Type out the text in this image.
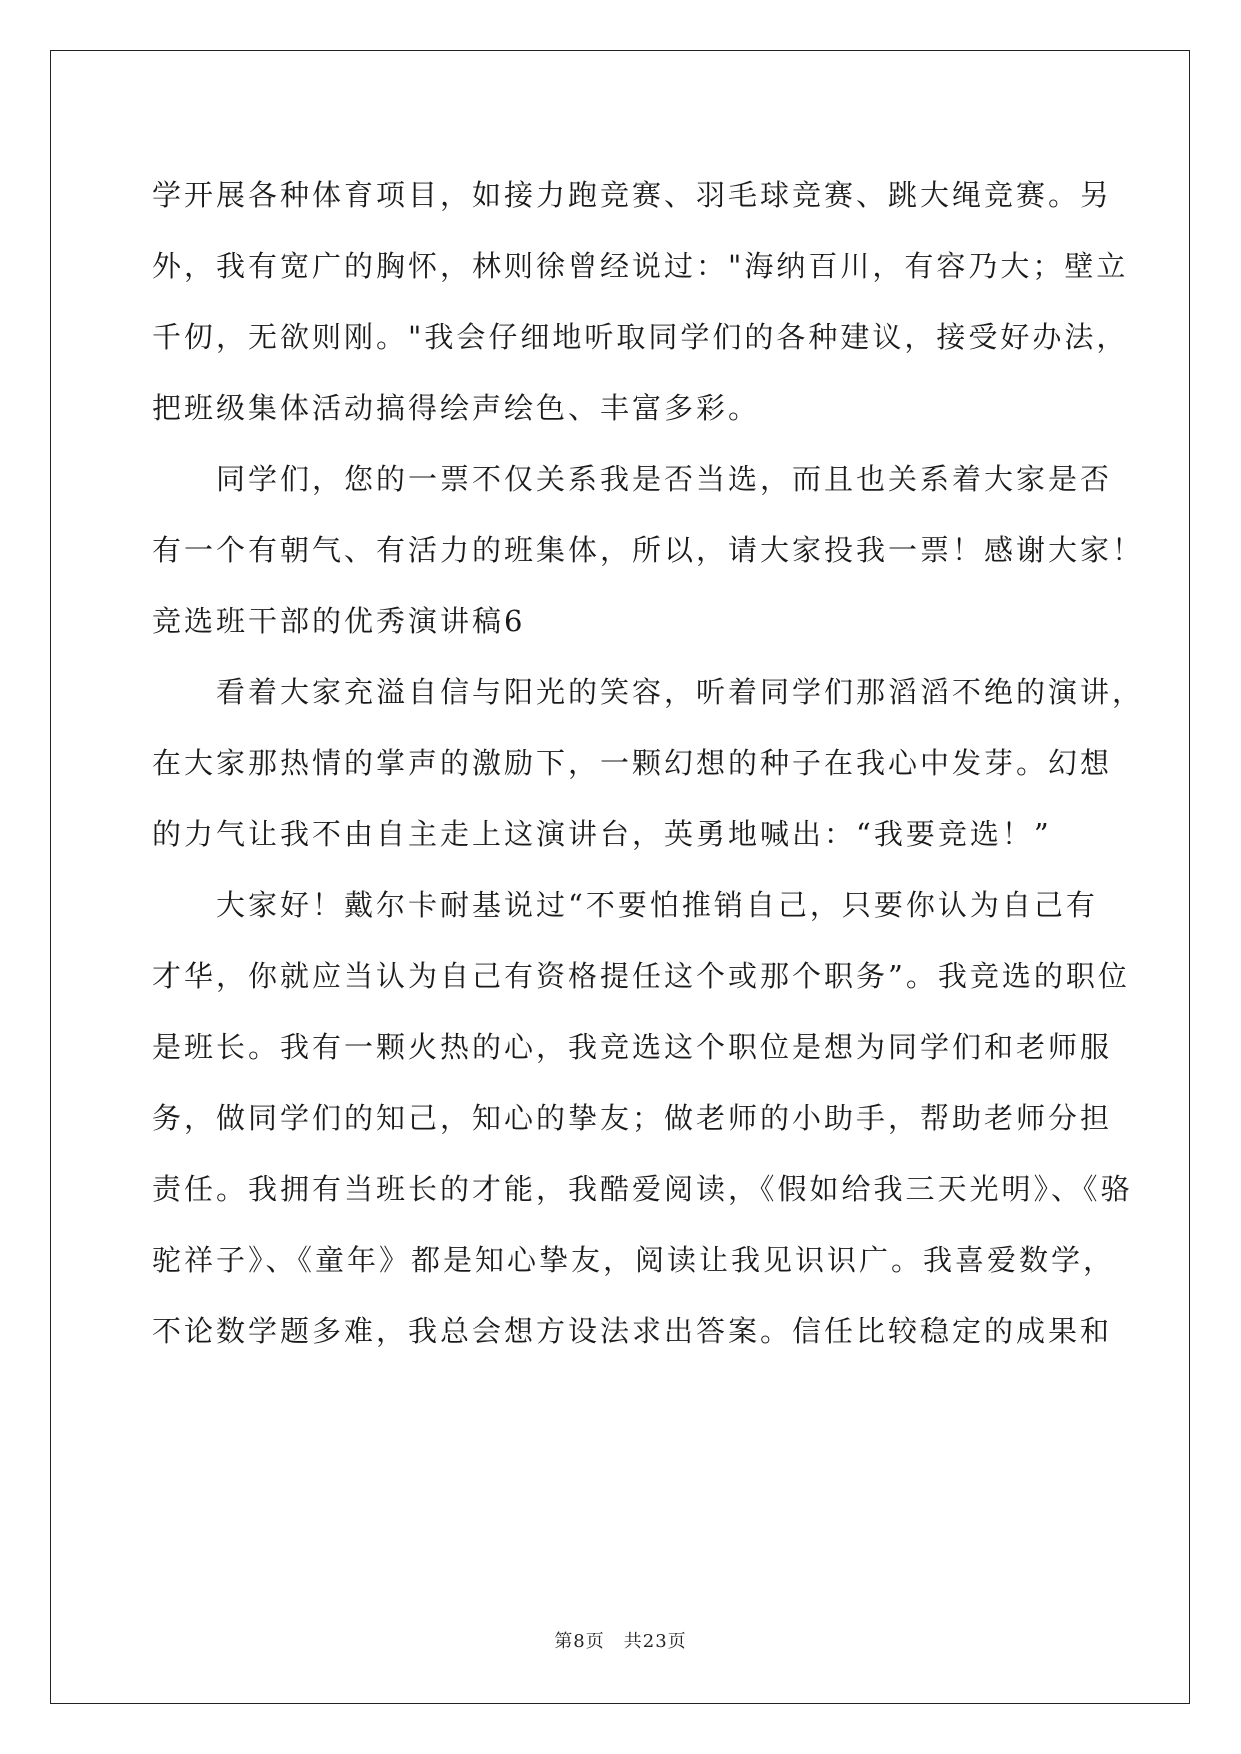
学开展各种体育项目，如接力跑竞赛、羽毛球竞赛、跳大绳竞赛。另
外，我有宽广的胸怀，林则徐曾经说过："海纳百川，有容乃大；壁立
千仞，无欲则刚。"我会仔细地听取同学们的各种建议，接受好办法，
把班级集体活动搞得绘声绘色、丰富多彩。
同学们，您的一票不仅关系我是否当选，而且也关系着大家是否
有一个有朝气、有活力的班集体，所以，请大家投我一票！感谢大家！
竞选班干部的优秀演讲稿6
看着大家充溢自信与阳光的笑容，听着同学们那滔滔不绝的演讲，
在大家那热情的掌声的激励下，一颗幻想的种子在我心中发芽。幻想
的力气让我不由自主走上这演讲台，英勇地喊出：“我要竞选！”
大家好！戴尔卡耐基说过“不要怕推销自己，只要你认为自己有
才华，你就应当认为自己有资格提任这个或那个职务”。我竞选的职位
是班长。我有一颗火热的心，我竞选这个职位是想为同学们和老师服
务，做同学们的知己，知心的挚友；做老师的小助手，帮助老师分担
责任。我拥有当班长的才能，我酷爱阅读，《假如给我三天光明》、《骆
驼祥子》、《童年》都是知心挚友，阅读让我见识识广。我喜爱数学，
不论数学题多难，我总会想方设法求出答案。信任比较稳定的成果和
第8页　共23页
